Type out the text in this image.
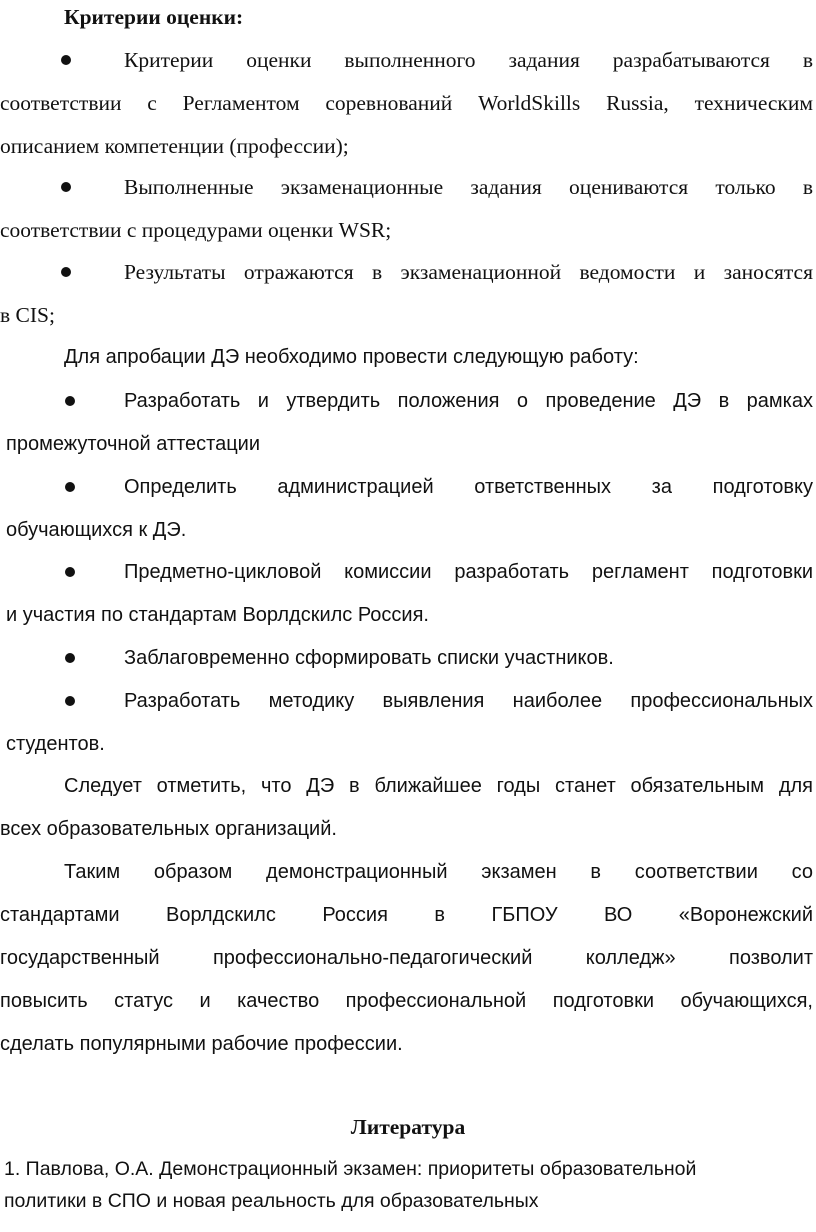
Критерии оценки:
Критерии оценки выполненного задания разрабатываются в
соответствии с Регламентом соревнований WorldSkills Russia, техническим
описанием компетенции (профессии);
Выполненные экзаменационные задания оцениваются только в
соответствии с процедурами оценки WSR;
Результаты отражаются в экзаменационной ведомости и заносятся
в CIS;
Для апробации ДЭ необходимо провести следующую работу:
Разработать и утвердить положения о проведение ДЭ в рамках
промежуточной аттестации
Определить администрацией ответственных за подготовку
обучающихся к ДЭ.
Предметно-цикловой комиссии разработать регламент подготовки
и участия по стандартам Ворлдскилс Россия.
Заблаговременно сформировать списки участников.
Разработать методику выявления наиболее профессиональных
студентов.
Следует отметить, что ДЭ в ближайшее годы станет обязательным для
всех образовательных организаций.
Таким образом демонстрационный экзамен в соответствии со
стандартами Ворлдскилс Россия в ГБПОУ ВО «Воронежский
государственный профессионально-педагогический колледж» позволит
повысить статус и качество профессиональной подготовки обучающихся,
сделать популярными рабочие профессии.
Литература
1. Павлова, О.А. Демонстрационный экзамен: приоритеты образовательной
политики в СПО и новая реальность для образовательных
